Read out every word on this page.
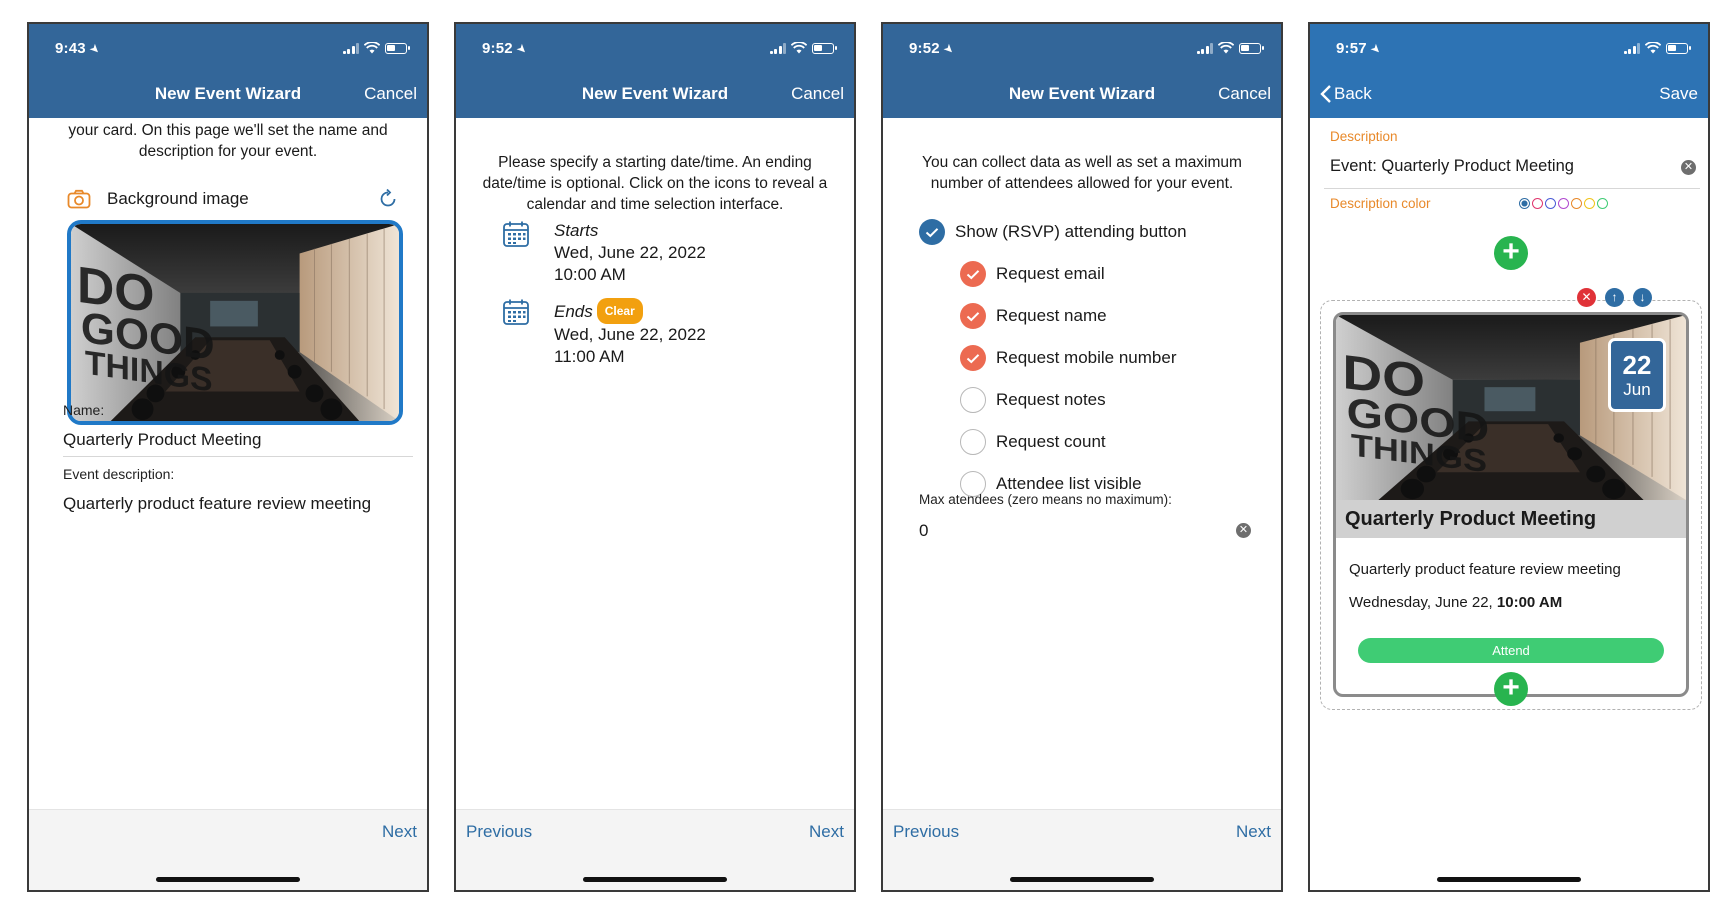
9:43➤
New Event Wizard	Cancel
your card. On this page we'll set the name and description for your event.
Background image
Name:
Quarterly Product Meeting
Event description:
Quarterly product feature review meeting
Next
9:52➤
New Event Wizard	Cancel
Please specify a starting date/time. An ending date/time is optional. Click on the icons to reveal a calendar and time selection interface.
Starts
Wed, June 22, 2022
10:00 AM
Ends Clear
Wed, June 22, 2022
11:00 AM
Previous	Next
9:52➤
New Event Wizard	Cancel
You can collect data as well as set a maximum number of attendees allowed for your event.
Show (RSVP) attending button
Request email
Request name
Request mobile number
Request notes
Request count
Attendee list visible
Max atendees (zero means no maximum):
0	✕
Previous	Next
9:57➤
Back	Save
Description
Event: Quarterly Product Meeting	✕
Description color
+
✕	↑	↓
22
Jun
Quarterly Product Meeting
Quarterly product feature review meeting
Wednesday, June 22, 10:00 AM
Attend
+
